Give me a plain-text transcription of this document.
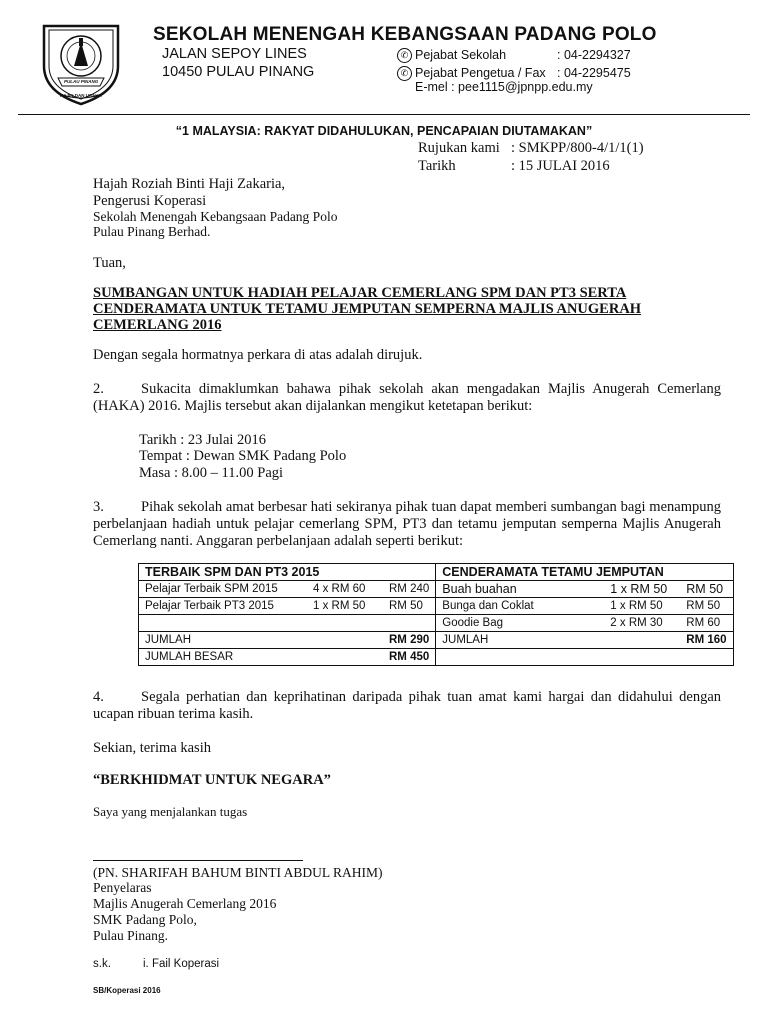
PULAU PINANG
RAJIN DAN USAHA
SEKOLAH MENENGAH KEBANGSAAN PADANG POLO
JALAN SEPOY LINES
10450 PULAU PINANG
✆ Pejabat Sekolah	: 04-2294327
✆ Pejabat Pengetua / Fax : 04-2295475
E-mel : pee1115@jpnpp.edu.my
“1 MALAYSIA: RAKYAT DIDAHULUKAN, PENCAPAIAN DIUTAMAKAN”
Rujukan kami : SMKPP/800-4/1/1(1)
Tarikh	: 15 JULAI 2016
Hajah Roziah Binti Haji Zakaria,
Pengerusi Koperasi
Sekolah Menengah Kebangsaan Padang Polo
Pulau Pinang Berhad.
Tuan,
SUMBANGAN UNTUK HADIAH PELAJAR CEMERLANG SPM DAN PT3 SERTA CENDERAMATA UNTUK TETAMU JEMPUTAN SEMPERNA MAJLIS ANUGERAH CEMERLANG 2016
Dengan segala hormatnya perkara di atas adalah dirujuk.
2.	Sukacita dimaklumkan bahawa pihak sekolah akan mengadakan Majlis Anugerah Cemerlang (HAKA) 2016. Majlis tersebut akan dijalankan mengikut ketetapan berikut:
Tarikh : 23 Julai 2016
Tempat : Dewan SMK Padang Polo
Masa : 8.00 – 11.00 Pagi
3.	Pihak sekolah amat berbesar hati sekiranya pihak tuan dapat memberi sumbangan bagi menampung perbelanjaan hadiah untuk pelajar cemerlang SPM, PT3 dan tetamu jemputan semperna Majlis Anugerah Cemerlang nanti. Anggaran perbelanjaan adalah seperti berikut:
TERBAIK SPM DAN PT3 2015	CENDERAMATA TETAMU JEMPUTAN

Pelajar Terbaik SPM 2015 4 x RM 60 RM 240	Buah buahan 1 x RM 50 RM 50

Pelajar Terbaik PT3 2015 1 x RM 50 RM 50	Bunga dan Coklat 1 x RM 50 RM 50

	Goodie Bag 2 x RM 30 RM 60

JUMLAH RM 290	JUMLAH RM 160

JUMLAH BESAR RM 450	

4.	Segala perhatian dan keprihatinan daripada pihak tuan amat kami hargai dan didahului dengan ucapan ribuan terima kasih.
Sekian, terima kasih
“BERKHIDMAT UNTUK NEGARA”
Saya yang menjalankan tugas
(PN. SHARIFAH BAHUM BINTI ABDUL RAHIM)
Penyelaras
Majlis Anugerah Cemerlang 2016
SMK Padang Polo,
Pulau Pinang.
s.k.	i. Fail Koperasi
SB/Koperasi 2016
